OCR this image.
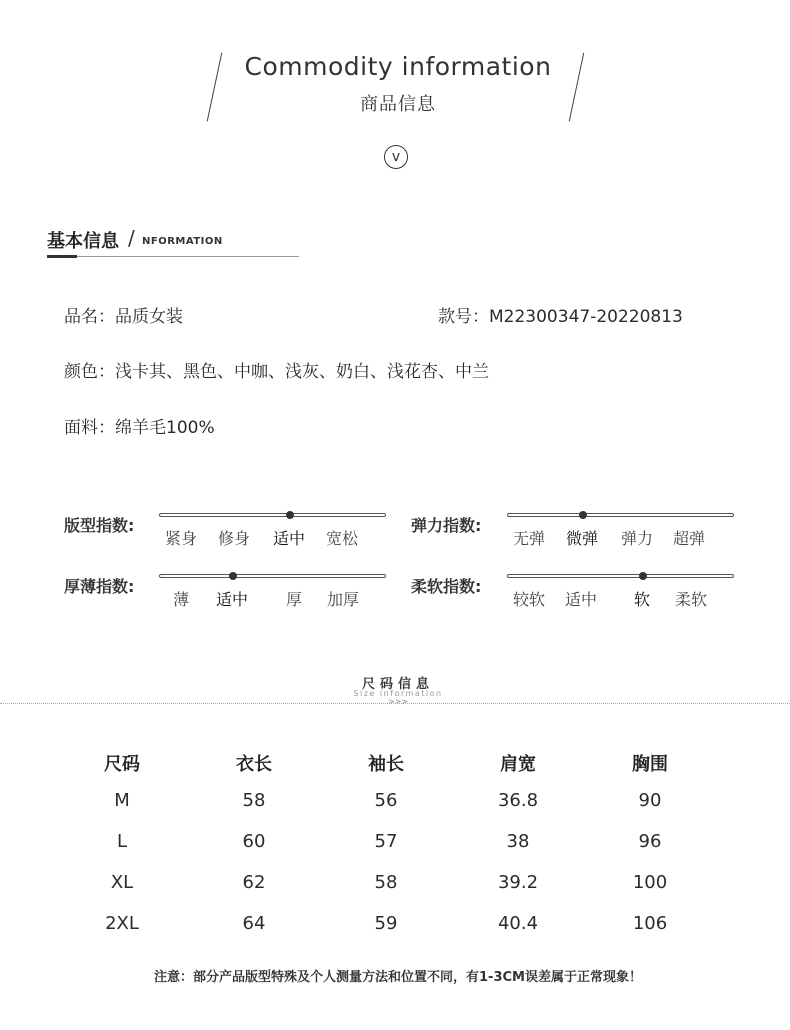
Commodity information
商品信息
v
基本信息 / NFORMATION
品名：品质女装	款号：M22300347-20220813
颜色：浅卡其、黑色、中咖、浅灰、奶白、浅花杏、中兰
面料：绵羊毛100%
版型指数:
紧身 修身 适中 宽松
弹力指数:
无弹 微弹 弹力 超弹
厚薄指数:
薄 适中 厚 加厚
柔软指数:
较软 适中 软 柔软
尺码信息
Size information
>>>
尺码	衣长	袖长	肩宽	胸围
M	58	56	36.8	90
L	60	57	38	96
XL	62	58	39.2	100
2XL	64	59	40.4	106
注意：部分产品版型特殊及个人测量方法和位置不同，有1-3CM误差属于正常现象！
